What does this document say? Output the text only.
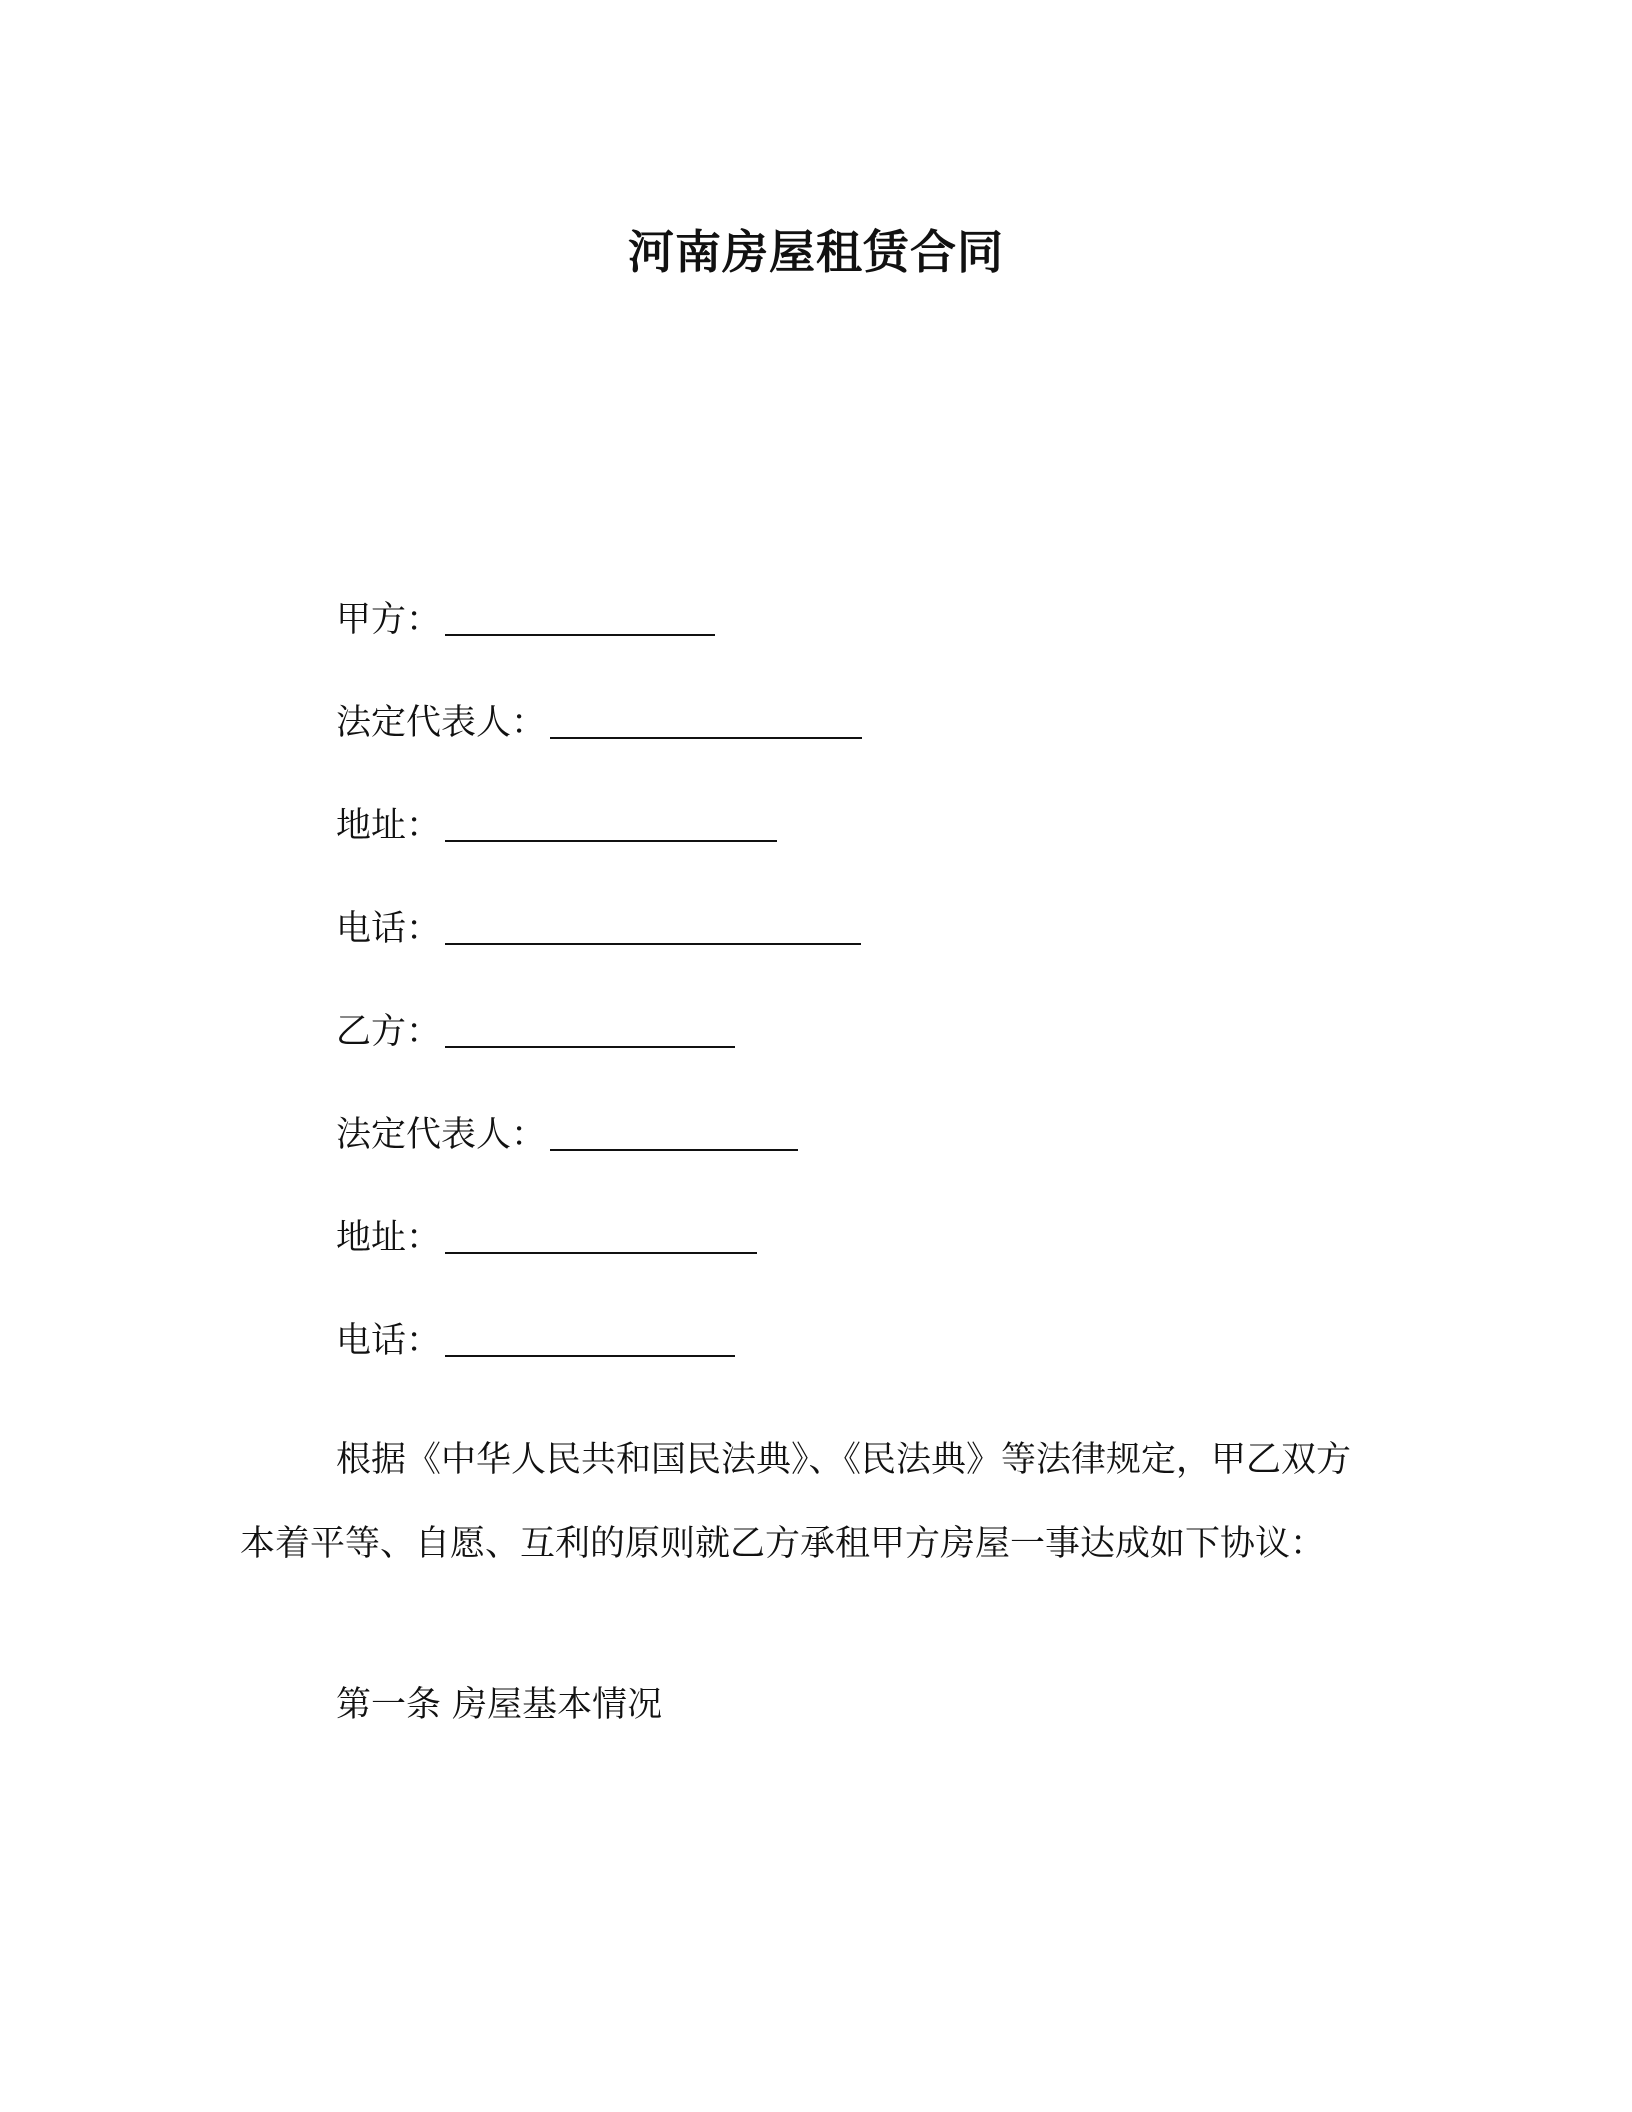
河南房屋租赁合同
甲方：
法定代表人：
地址：
电话：
乙方：
法定代表人：
地址：
电话：

根据《中华人民共和国民法典》、《民法典》等法律规定，甲乙双方本着平等、自愿、互利的原则就乙方承租甲方房屋一事达成如下协议：

第一条 房屋基本情况
